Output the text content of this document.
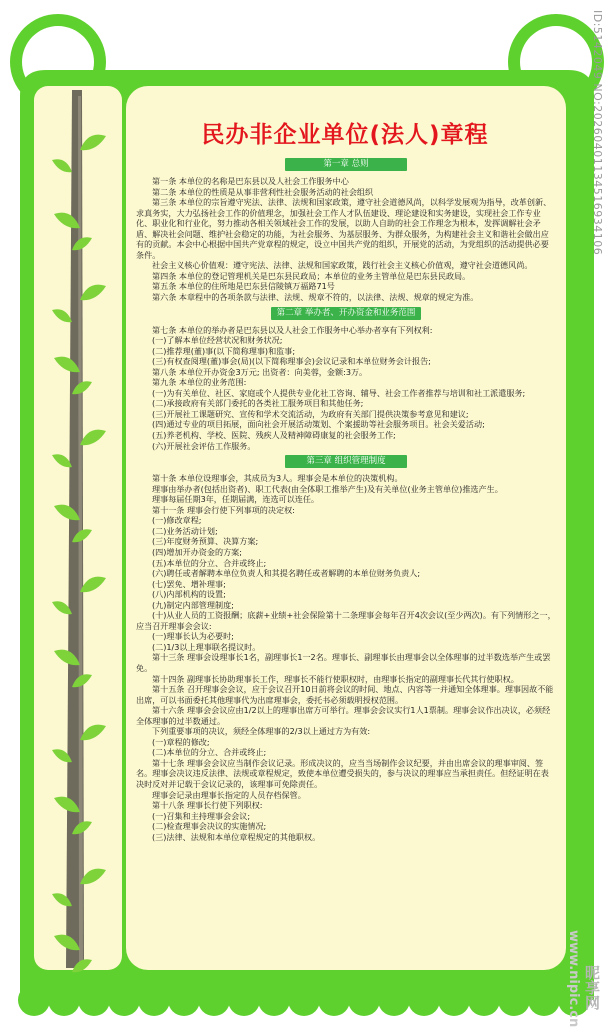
民办非企业单位(法人)章程
第一章 总则

第一条 本单位的名称是巴东县以及人社会工作服务中心

第二条 本单位的性质是从事非营利性社会服务活动的社会组织

第三条 本单位的宗旨遵守宪法、法律、法规和国家政策，遵守社会道德风尚，以科学发展观为指导，改革创新、求真务实，大力弘扬社会工作的价值理念，加强社会工作人才队伍建设、理论建设和实务建设，实现社会工作专业化、职业化和行业化，努力推动各相关领域社会工作的发展，以助人自助的社会工作理念为根本，发挥调解社会矛盾、解决社会问题、维护社会稳定的功能，为社会服务、为基层服务、为群众服务，为构建社会主义和谐社会做出应有的贡献。本会中心根据中国共产党章程的规定，设立中国共产党的组织，开展党的活动，为党组织的活动提供必要条件。

社会主义核心价值观：遵守宪法、法律、法规和国家政策，践行社会主义核心价值观，遵守社会道德风尚。

第四条 本单位的登记管理机关是巴东县民政局；本单位的业务主管单位是巴东县民政局。

第五条 本单位的住所地是巴东县信陵镇万福路71号

第六条 本章程中的各项条款与法律、法规、规章不符的，以法律、法规、规章的规定为准。

第二章 举办者、开办资金和业务范围

第七条 本单位的举办者是巴东县以及人社会工作服务中心举办者享有下列权利:

(一)了解本单位经营状况和财务状况;

(二)推荐理(董)事(以下简称理事)和监事;

(三)有权查阅理(董)事会(局)(以下简称理事会)会议记录和本单位财务会计报告;

第八条 本单位开办资金3万元; 出资者：向美蓉，金额:3万。

第九条 本单位的业务范围:

(一)为有关单位、社区、家庭或个人提供专业化社工咨询、辅导、社会工作者推荐与培训和社工派遣服务;

(二)承接政府有关部门委托的各类社工服务项目和其他任务;

(三)开展社工课题研究、宣传和学术交流活动，为政府有关部门提供决策参考意见和建议;

(四)通过专业的项目拓展，面向社会开展活动策划、个案援助等社会服务项目。社会关爱活动;

(五)养老机构、学校、医院、残疾人及精神障碍康复的社会服务工作;

(六)开展社会评估工作服务。

第三章 组织管理制度

第十条 本单位设理事会，其成员为3人。理事会是本单位的决策机构。

理事由举办者(包括出资者)、职工代表(由全体职工推举产生)及有关单位(业务主管单位)推选产生。

理事每届任期3年，任期届满，连选可以连任。

第十一条 理事会行使下列事项的决定权:

(一)修改章程;

(二)业务活动计划;

(三)年度财务预算、决算方案;

(四)增加开办资金的方案;

(五)本单位的分立、合并或终止;

(六)聘任或者解聘本单位负责人和其提名聘任或者解聘的本单位财务负责人;

(七)罢免、增补理事;

(八)内部机构的设置;

(九)制定内部管理制度;

(十)从业人员的工资报酬；底薪+业绩+社会保险第十二条理事会每年召开4次会议(至少两次)。有下列情形之一，应当召开理事会会议:

(一)理事长认为必要时;

(二)1/3以上理事联名提议时。

第十三条 理事会设理事长1名，副理事长1一2名。理事长、副理事长由理事会以全体理事的过半数选举产生或罢免。

第十四条 副理事长协助理事长工作，理事长不能行使职权时，由理事长指定的副理事长代其行使职权。

第十五条 召开理事会会议，应于会议召开10日前将会议的时间、地点、内容等一并通知全体理事。理事因故不能出席，可以书面委托其他理事代为出席理事会，委托书必须载明授权范围。

第十六条 理事会会议应由1/2以上的理事出席方可举行。理事会会议实行1人1票制。理事会议作出决议，必须经全体理事的过半数通过。

下列重要事项的决议，须经全体理事的2/3以上通过方为有效:

(一)章程的修改;

(二)本单位的分立、合并或终止;

第十七条 理事会会议应当制作会议记录。形成决议的，应当当场制作会议纪要，并由出席会议的理事审阅、签名。理事会决议违反法律、法规或章程规定，致使本单位遭受损失的，参与决议的理事应当承担责任。但经证明在表决时反对并记载于会议记录的，该理事可免除责任。

理事会记录由理事长指定的人员存档保管。

第十八条 理事长行使下列职权:

(一)召集和主持理事会会议;

(二)检查理事会决议的实施情况;

(三)法律、法规和本单位章程规定的其他职权。

ID:5142049 NO:20260401134516934106
www.nipic.cn 昵享网
